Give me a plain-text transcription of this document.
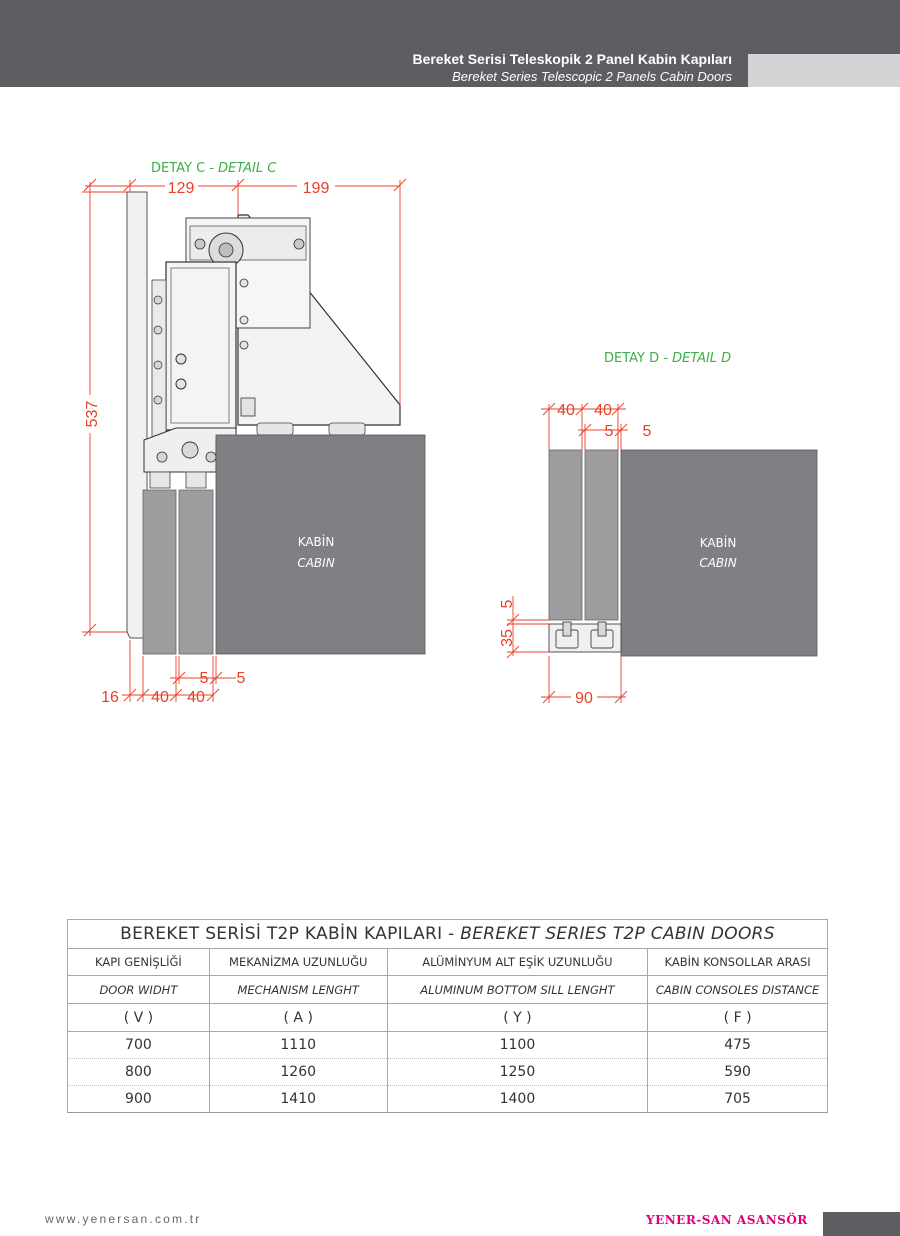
Bereket Serisi Teleskopik 2 Panel Kabin Kapıları
Bereket Series Telescopic 2 Panels Cabin Doors
DETAY C - DETAIL C
KABİN
CABIN
537
129	199
5 5
16 40 40
DETAY D - DETAIL D
KABİN
CABIN
40 40
5 5
5
35
90
BEREKET SERİSİ T2P KABİN KAPILARI - BEREKET SERIES T2P CABIN DOORS			
KAPI GENİŞLİĞİ	MEKANİZMA UZUNLUĞU	ALÜMİNYUM ALT EŞİK UZUNLUĞU	KABİN KONSOLLAR ARASI
DOOR WIDHT	MECHANISM LENGHT	ALUMINUM BOTTOM SILL LENGHT	CABIN CONSOLES DISTANCE
( V )	( A )	( Y )	( F )
700	1110	1100	475
800	1260	1250	590
900	1410	1400	705
www.yenersan.com.tr	YENER-SAN ASANSÖR
